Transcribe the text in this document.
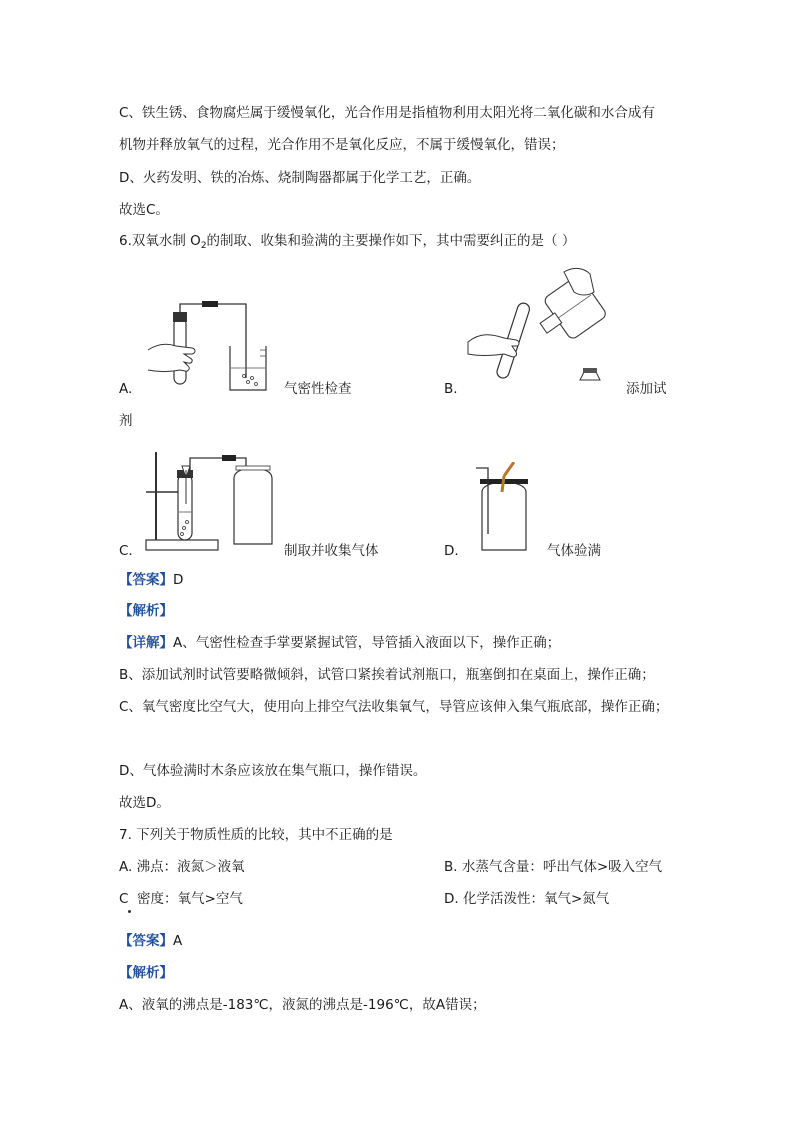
C、铁生锈、食物腐烂属于缓慢氧化，光合作用是指植物利用太阳光将二氧化碳和水合成有
机物并释放氧气的过程，光合作用不是氧化反应，不属于缓慢氧化，错误；
D、火药发明、铁的冶炼、烧制陶器都属于化学工艺，正确。
故选C。
6.双氧水制 $O_2$的制取、收集和验满的主要操作如下，其中需要纠正的是（ ）
A.	气密性检查	B.	添加试
剂
C.	制取并收集气体	D.	气体验满
【答案】D
【解析】
【详解】A、气密性检查手掌要紧握试管，导管插入液面以下，操作正确；
B、添加试剂时试管要略微倾斜，试管口紧挨着试剂瓶口，瓶塞倒扣在桌面上，操作正确；
C、氧气密度比空气大，使用向上排空气法收集氧气，导管应该伸入集气瓶底部，操作正确；
D、气体验满时木条应该放在集气瓶口，操作错误。
故选D。
7. 下列关于物质性质的比较，其中不正确的是
A. 沸点：液氮＞液氧	B. 水蒸气含量：呼出气体>吸入空气
C 密度：氧气>空气	D. 化学活泼性：氧气>氮气
【答案】A
【解析】
A、液氧的沸点是-183℃，液氮的沸点是-196℃，故A错误；
